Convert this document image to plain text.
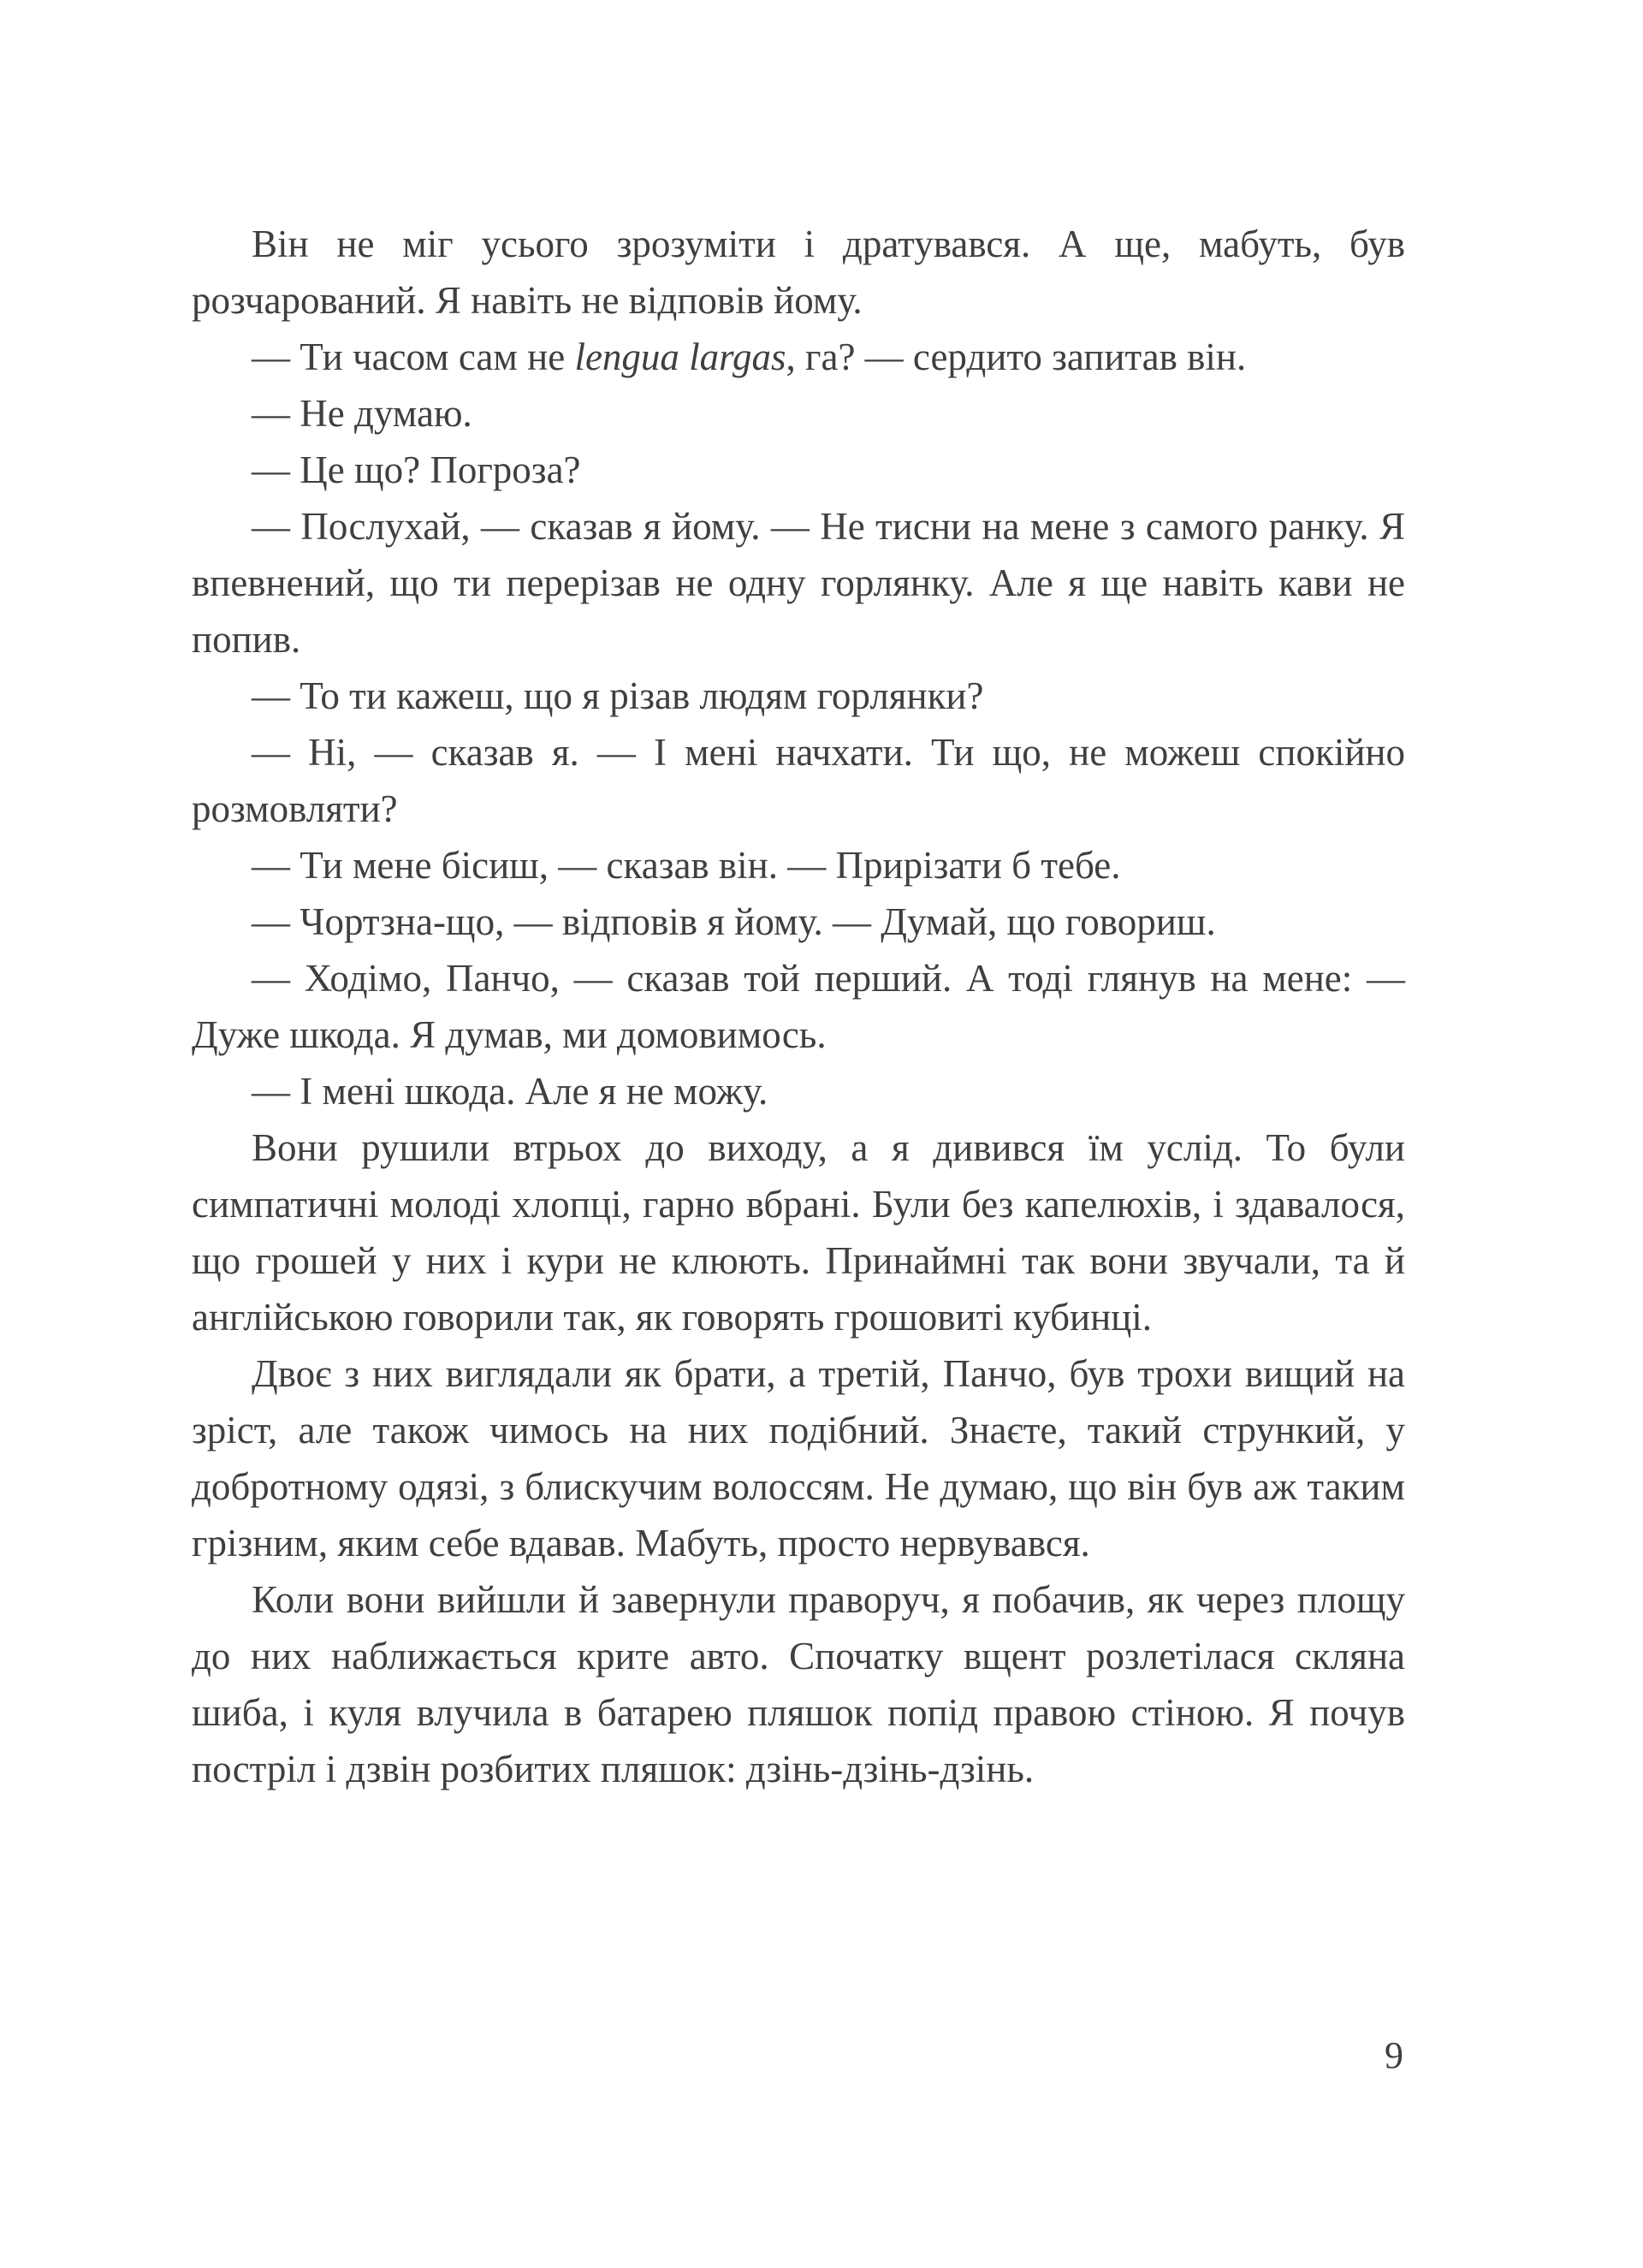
Він не міг усього зрозуміти і дратувався. А ще, мабуть, був розчарований. Я навіть не відповів йому.

— Ти часом сам не lengua largas, га? — сердито запитав він.

— Не думаю.

— Це що? Погроза?

— Послухай, — сказав я йому. — Не тисни на мене з самого ранку. Я впевнений, що ти перерізав не одну горлянку. Але я ще навіть кави не попив.

— То ти кажеш, що я різав людям горлянки?

— Ні, — сказав я. — І мені начхати. Ти що, не можеш спокійно розмовляти?

— Ти мене бісиш, — сказав він. — Прирізати б тебе.

— Чортзна-що, — відповів я йому. — Думай, що говориш.

— Ходімо, Панчо, — сказав той перший. А тоді глянув на мене: — Дуже шкода. Я думав, ми домовимось.

— І мені шкода. Але я не можу.

Вони рушили втрьох до виходу, а я дивився їм услід. То були симпатичні молоді хлопці, гарно вбрані. Були без капелюхів, і здавалося, що грошей у них і кури не клюють. Принаймні так вони звучали, та й англійською говорили так, як говорять грошовиті кубинці.

Двоє з них виглядали як брати, а третій, Панчо, був трохи вищий на зріст, але також чимось на них подібний. Знаєте, такий стрункий, у добротному одязі, з блискучим волоссям. Не думаю, що він був аж таким грізним, яким себе вдавав. Мабуть, просто нервувався.

Коли вони вийшли й завернули праворуч, я побачив, як через площу до них наближається крите авто. Спочатку вщент розлетілася скляна шиба, і куля влучила в батарею пляшок попід правою стіною. Я почув постріл і дзвін розбитих пляшок: дзінь-дзінь-дзінь.

9
